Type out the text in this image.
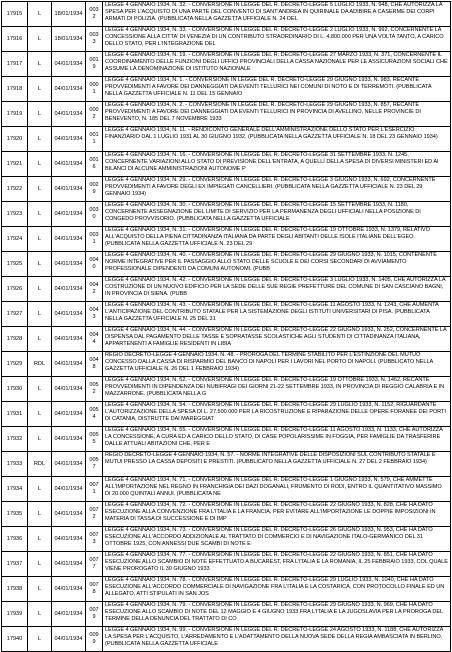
17915	L	18/01/1934	0032	LEGGE 4 GENNAIO 1934, N. 32. - CONVERSIONE IN LEGGE DEL R. DECRETO-LEGGE 5 LUGLIO 1933, N. 948, CHE AUTORIZZA LA SPESA PER L'ACQUISTO DI UNA PARTE DEL CONVENTO DI SANT'ANDREA IN QUIRINALE DA ADIBIRE A CASERME DEI CORPI ARMATI DI POLIZIA. (PUBBLICATA NELLA GAZZETTA UFFICIALE N. 24 DEL
17916	L	18/01/1934	0033	LEGGE 4 GENNAIO 1934, N. 33. - CONVERSIONE IN LEGGE DEL R. DECRETO-LEGGE 2 LUGLIO 1933, N. 992, CONCERNENTE LA CONCESSIONE ALLA CITTA' DI VENEZIA DI UN CONTRIBUTO STRAORDINARIO DI L. 4.800.000 PER UNA VOLTA TANTO, A CARICO DELLO STATO, PER L'INTEGRAZIONE DEL
17917	L	04/01/1934	0019	LEGGE 4 GENNAIO 1934, N. 19. - CONVERSIONE IN LEGGE DEL R. DECRETO-LEGGE 27 MARZO 1933, N. 371, CONCERNENTE IL COORDINAMENTO DELLE FUNZIONI DEGLI UFFICI PROVINCIALI DELLA CASSA NAZIONALE PER LE ASSICURAZIONI SOCIALI CHE ASSUME LA DENOMINAZIONE DI ISTITUTO NAZIONALE
17918	L	04/01/1934	0001	LEGGE 4 GENNAIO 1934, N. 1. - CONVERSIONE IN LEGGE DEL R. DECRETO-LEGGE 29 GIUGNO 1933, N. 983, RECANTE PROVVEDIMENTI A FAVORE DEI DANNEGGIATI DA EVENTI TELLURICI NEI COMUNI DI NOTO E DI TERREMOTI. (PUBBLICATA NELLA GAZZETTA UFFICIALE N. 11 DEL 15 GENNAIO
17919	L	04/01/1934	0002	LEGGE 4 GENNAIO 1934, N. 2. - CONVERSIONE IN LEGGE DEL R. DECRETO-LEGGE 29 GIUGNO 1933, N. 857, RECANTE PROVVEDIMENTI A FAVORE DEI DANNEGGIATI DA EVENTI TELLURICI IN PROVINCIA DI AVELLINO, NELLE PROVINCIE DI BENEVENTO, N. 185 DEL 7 NOVEMBRE 1933
17920	L	04/01/1934	0011	LEGGE 4 GENNAIO 1934, N. 11. - RENDICONTO GENERALE DELL'AMMINISTRAZIONE DELLO STATO PER L'ESERCIZIO FINANZIARIO DAL 1 LUGLIO 1931 AL 30 GIUGNO 1932. (PUBBLICATA NELLA GAZZETTA UFFICIALE N. 18 DEL 23 GENNAIO 1934)
17921	L	04/01/1934	0016	LEGGE 4 GENNAIO 1934, N. 16. - CONVERSIONE IN LEGGE DEL R. DECRETO-LEGGE 31 SETTEMBRE 1933, N. 1245, CONCERNENTE VARIAZIONI ALLO STATO DI PREVISIONE DELL'ENTRATA, A QUELLI DELLA SPESA DI DIVERSI MINISTERI ED AI BILANCI DI ALCUNE AMMINISTRAZIONI AUTONOME P
17922	L	04/01/1934	0029	LEGGE 4 GENNAIO 1934, N. 29. - CONVERSIONE IN LEGGE DEL R. DECRETO-LEGGE 3 GIUGNO 1933, N. 692, CONCERNENTE PROVVEDIMENTI A FAVORE DEGLI EX IMPIEGATI CANCELLIERI. (PUBBLICATA NELLA GAZZETTA UFFICIALE N. 23 DEL 29 GENNAIO 1934)
17923	L	04/01/1934	0030	LEGGE 4 GENNAIO 1934, N. 30. - CONVERSIONE IN LEGGE DEL R. DECRETO-LEGGE 15 SETTEMBRE 1933, N. 1180, CONCERNENTE ASSEGNAZIONE DEL LIMITE DI SERVIZIO PER LA PERMANENZA DEGLI UFFICIALI NELLA POSIZIONE DI CONGEDO PROVVISORIO. (PUBBLICATA NELLA GAZZETTA UFFICIALE
17924	L	04/01/1934	0031	LEGGE 4 GENNAIO 1934, N. 31. - CONVERSIONE IN LEGGE DEL R. DECRETO-LEGGE 19 OTTOBRE 1933, N. 1379, RELATIVO ALL'ACQUISTO DELLA PIENA CITTADINANZA ITALIANA DA PARTE DEGLI ABITANTI DELLE ISOLE ITALIANE DELL'EGEO. (PUBBLICATA NELLA GAZZETTA UFFICIALE N. 23 DEL 29
17925	L	04/01/1934	0040	LEGGE 4 GENNAIO 1934, N. 40. - CONVERSIONE IN LEGGE DEL R. DECRETO-LEGGE 29 GIUGNO 1933, N. 1015, CONTENENTE NORME INTEGRATIVE PER IL PASSAGGIO ALLO STATO DELLE SCUOLE E DEI CORSI SECONDARI DI AVVIAMENTO PROFESSIONALE DIPENDENTI DA COMUNI AUTONOMI. (PUBB
17926	L	04/01/1934	0042	LEGGE 4 GENNAIO 1934, N. 42. - CONVERSIONE IN LEGGE DEL R. DECRETO-LEGGE 3 LUGLIO 1933, N. 1405, CHE AUTORIZZA LA COSTRUZIONE DI UN NUOVO EDIFICIO PER LA SEDE DELLE SUE REGIE PREFETTURE DEL COMUNE DI SAN CASCIANO BAGNI, IN PROVINCIA DI SIENA. (PUBB
17927	L	04/01/1934	0043	LEGGE 4 GENNAIO 1934, N. 43. - CONVERSIONE IN LEGGE DEL R. DECRETO-LEGGE 11 AGOSTO 1933, N. 1243, CHE AUMENTA L'ANTICIPAZIONE DEL CONTRIBUTO STATALE PER LA SISTEMAZIONE DEGLI ISTITUTI UNIVERSITARI DI PISA. (PUBBLICATA NELLA GAZZETTA UFFICIALE N. 25 DEL 31
17928	L	04/01/1934	0044	LEGGE 4 GENNAIO 1934, N. 44. - CONVERSIONE IN LEGGE DEL R. DECRETO-LEGGE 22 GIUGNO 1933, N. 252, CONCERNENTE LA DISPENSA DAL PAGAMENTO DELLE TASSE E SOPRATASSE SCOLASTICHE AGLI STUDENTI DI CITTADINANZA ITALIANA, APPARTENENTI A FAMIGLIE RESIDENTI IN LIBIA
17929	RDL	04/01/1934	0048	REGIO DECRETO-LEGGE 4 GENNAIO 1934, N. 48. - PROROGA DEL TERMINE STABILITO PER L'ESTINZIONE DEL MUTUO CONCESSO DALLA CASSA DI RISPARMIO DEL BANCO DI NAPOLI PER I LAVORI NEL PORTO DI NAPOLI. (PUBBLICATO NELLA GAZZETTA UFFICIALE N. 26 DEL 1 FEBBRAIO 1934)
17930	L	04/01/1934	0052	LEGGE 4 GENNAIO 1934, N. 52. - CONVERSIONE IN LEGGE DEL R. DECRETO-LEGGE 19 OTTOBRE 1933, N. 1462, RECANTE PROVVEDIMENTI IN DIPENDENZA DEI NUBIFRAGI DEI GIORNI 21-22 SETTEMBRE 1933, IN PROVINCIA DI REGGIO CALABRIA E IN MAZZARRONE. (PUBBLICATA NELLA G
17931	L	04/01/1934	0054	LEGGE 4 GENNAIO 1934, N. 54. - CONVERSIONE IN LEGGE DEL R. DECRETO-LEGGE 29 LUGLIO 1933, N. 1152, RIGUARDANTE L'AUTORIZZAZIONE DELLA SPESA DI L. 27.500.000 PER LA RICOSTRUZIONE E RIPARAZIONE DELLE OPERE FORANEE DEI PORTI DI CATANIA, DISTRUTTE DAI MAREGGIAT
17932	L	04/01/1934	0055	LEGGE 4 GENNAIO 1934, N. 55. - CONVERSIONE IN LEGGE DEL R. DECRETO-LEGGE 11 AGOSTO 1933, N. 1133, CHE AUTORIZZA LA CONCESSIONE, A CURA ED A CARICO DELLO STATO, DI CASE POPOLARISSIME IN FOGGIA, PER FAMIGLIE DA TRASFERIRE DALLE ATTUALI ABITAZIONI CHE, PER E
17933	RDL	04/01/1934	0057	REGIO DECRETO-LEGGE 4 GENNAIO 1934, N. 57. - NORME INTEGRATIVE DELLE DISPOSIZIONI SUL CONTRIBUTO STATALE E MUTUI PRESSO LA CASSA DEPOSITI E PRESTITI. (PUBBLICATO NELLA GAZZETTA UFFICIALE N. 27 DEL 2 FEBBRAIO 1934)
17934	L	04/01/1934	0071	LEGGE 4 GENNAIO 1934, N. 71. - CONVERSIONE IN LEGGE DEL R. DECRETO-LEGGE 1 GIUGNO 1933, N. 579, CHE AMMETTE ALL'IMPORTAZIONE NEL REGNO IN FRANCHIGIA DEI DAZI DOGANALI, FRUMENTO DI RODI, ENTRO IL QUANTITATIVO MASSIMO DI 20.000 QUINTALI ANNUI. (PUBBLICATA NE
17935	L	04/01/1934	0072	LEGGE 4 GENNAIO 1934, N. 72. - CONVERSIONE IN LEGGE DEL R. DECRETO-LEGGE 22 GIUGNO 1933, N. 828, CHE HA DATO ESECUZIONE ALLA CONVENZIONE FRA L'ITALIA E LA FRANCIA, PER EVITARE ALL'IMPORTAZIONE LE DOPPIE IMPOSIZIONI IN MATERIA DI TASSA DI SUCCESSIONE E DI IMP
17936	L	04/01/1934	0073	LEGGE 4 GENNAIO 1934, N. 73. - CONVERSIONE IN LEGGE DEL R. DECRETO-LEGGE 26 GIUGNO 1933, N. 953, CHE HA DATO ESECUZIONE ALL'ACCORDO ADDIZIONALE AL TRATTATO DI COMMERCIO E DI NAVIGAZIONE ITALO-GERMANICO DEL 31 OTTOBRE 1925, CON ANNESSI DUE SCAMBI DI NOTE E
17937	L	04/01/1934	0077	LEGGE 4 GENNAIO 1934, N. 77. - CONVERSIONE IN LEGGE DEL R. DECRETO-LEGGE 22 GIUGNO 1933, N. 851, CHE HA DATO ESECUZIONE ALLO SCAMBIO DI NOTE EFFETTUATO A BUCAREST, FRA L'ITALIA E LA ROMANIA, IL 25 FEBBRAIO 1933, COL QUALE VIENE PROROGATO IL 30 GIUGNO 1933
17938	L	04/01/1934	0078	LEGGE 4 GENNAIO 1934, N. 78. - CONVERSIONE IN LEGGE DEL R. DECRETO-LEGGE 29 LUGLIO 1933, N. 1040, CHE HA DATO ESECUZIONE ALL'ACCORDO COMMERCIALE DI NAVIGAZIONE FRA L'ITALIA E LA COSTARICA, CON PROTOCOLLO FINALE ED UN ALLEGATO, ATTI STIPULATI IN SAN JOS
17939	L	04/01/1934	0079	LEGGE 4 GENNAIO 1934, N. 79. - CONVERSIONE IN LEGGE DEL R. DECRETO-LEGGE 29 GIUGNO 1933, N. 969, CHE HA DATO ESECUZIONE ALLO SCAMBIO DI NOTE DEL 12 MAGGIO E 4 GIUGNO 1933 FRA L'ITALIA E LA JUGOSLAVIA PER LA PROROGA DEL TERMINE DELLA DENUNCIA DEL TRATTATO DI CO
17940	L	04/01/1934	0099	LEGGE 4 GENNAIO 1934, N. 99. - CONVERSIONE IN LEGGE DEL R. DECRETO-LEGGE 24 AGOSTO 1933, N. 1188, CHE AUTORIZZA LA SPESA PER L'ACQUISTO, L'ARREDAMENTO E L'ADATTAMENTO DELLA NUOVA SEDE DELLA REGIA AMBASCIATA IN BERLINO. (PUBBLICATA NELLA GAZZETTA UFFICIALE
